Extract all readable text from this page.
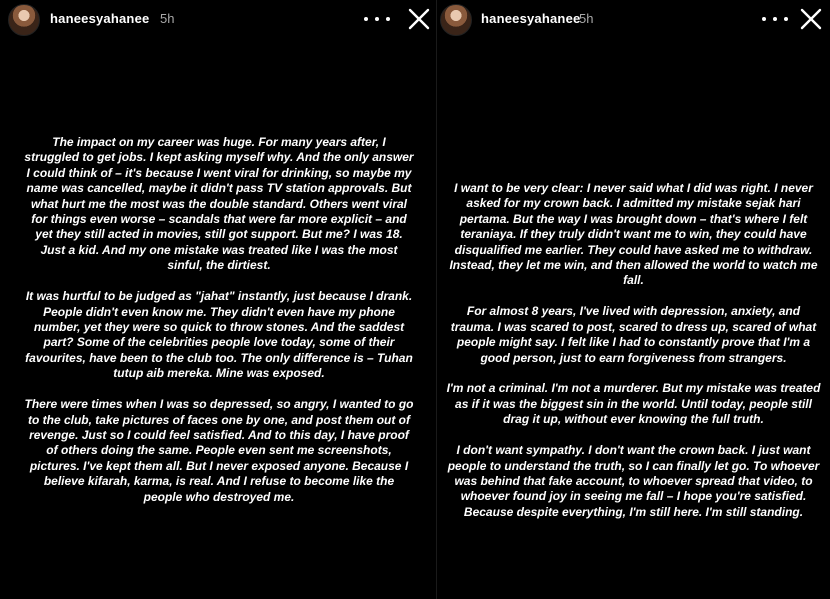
haneesyahanee 5h

The impact on my career was huge. For many years after, I struggled to get jobs. I kept asking myself why. And the only answer I could think of – it's because I went viral for drinking, so maybe my name was cancelled, maybe it didn't pass TV station approvals. But what hurt me the most was the double standard. Others went viral for things even worse – scandals that were far more explicit – and yet they still acted in movies, still got support. But me? I was 18. Just a kid. And my one mistake was treated like I was the most sinful, the dirtiest.

It was hurtful to be judged as "jahat" instantly, just because I drank. People didn't even know me. They didn't even have my phone number, yet they were so quick to throw stones. And the saddest part? Some of the celebrities people love today, some of their favourites, have been to the club too. The only difference is – Tuhan tutup aib mereka. Mine was exposed.

There were times when I was so depressed, so angry, I wanted to go to the club, take pictures of faces one by one, and post them out of revenge. Just so I could feel satisfied. And to this day, I have proof of others doing the same. People even sent me screenshots, pictures. I've kept them all. But I never exposed anyone. Because I believe kifarah, karma, is real. And I refuse to become like the people who destroyed me.

haneesyahanee
5h

I want to be very clear: I never said what I did was right. I never asked for my crown back. I admitted my mistake sejak hari pertama. But the way I was brought down – that's where I felt teraniaya. If they truly didn't want me to win, they could have disqualified me earlier. They could have asked me to withdraw. Instead, they let me win, and then allowed the world to watch me fall.

For almost 8 years, I've lived with depression, anxiety, and trauma. I was scared to post, scared to dress up, scared of what people might say. I felt like I had to constantly prove that I'm a good person, just to earn forgiveness from strangers.

I'm not a criminal. I'm not a murderer. But my mistake was treated as if it was the biggest sin in the world. Until today, people still drag it up, without ever knowing the full truth.

I don't want sympathy. I don't want the crown back. I just want people to understand the truth, so I can finally let go. To whoever was behind that fake account, to whoever spread that video, to whoever found joy in seeing me fall – I hope you're satisfied. Because despite everything, I'm still here. I'm still standing.
